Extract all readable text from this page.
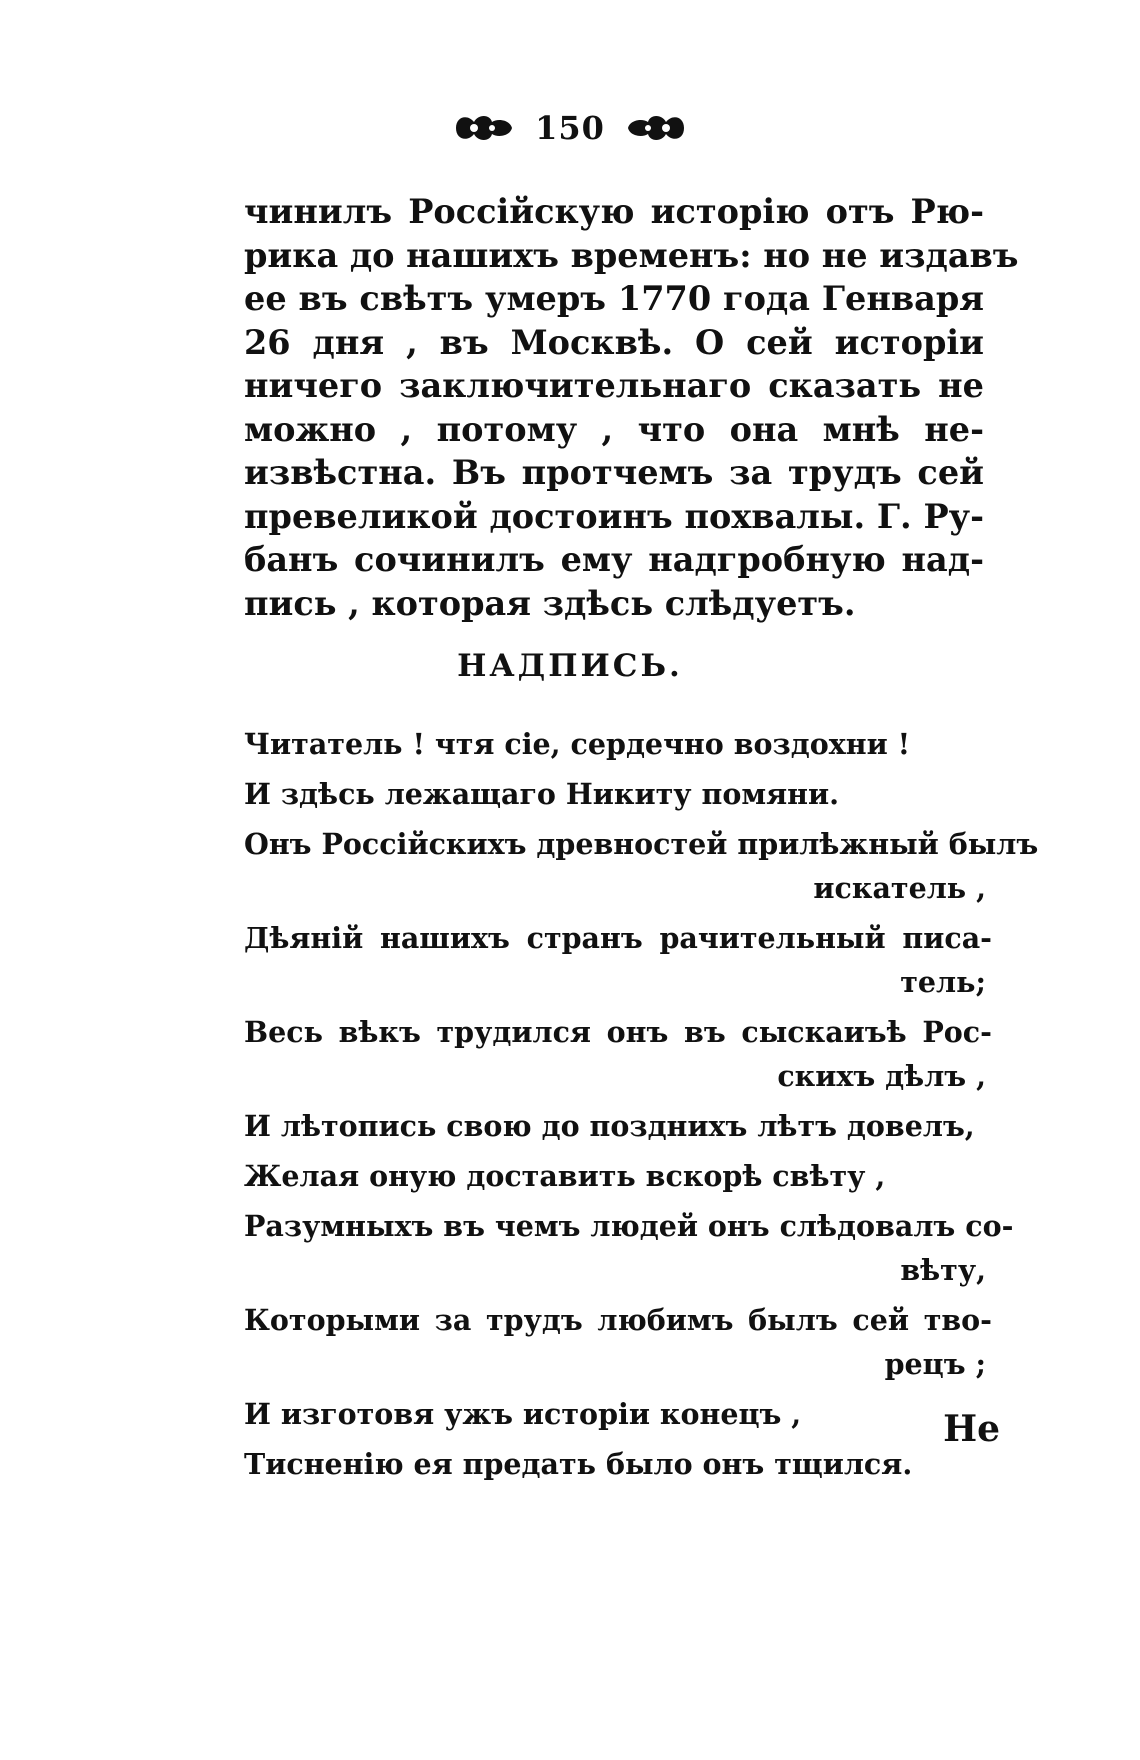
150
чинилъ Россійскую исторію отъ Рю-
рика до нашихъ временъ: но не издавъ
ее въ свѣтъ умеръ 1770 года Генваря
26 дня , въ Москвѣ. О сей исторіи
ничего заключительнаго сказать не
можно , потому , что она мнѣ не-
извѣстна. Въ протчемъ за трудъ сей
превеликой достоинъ похвалы. Г. Ру-
банъ сочинилъ ему надгробную над-
пись , которая здѣсь слѣдуетъ.
НАДПИСЬ.
Читатель ! чтя сіе, сердечно воздохни !
И здѣсь лежащаго Никиту помяни.
Онъ Россійскихъ древностей прилѣжный былъ
искатель ,
Дѣяній нашихъ странъ рачительный писа-
тель;
Весь вѣкъ трудился онъ въ сыскаиъѣ Рос-
скихъ дѣлъ ,
И лѣтопись свою до позднихъ лѣтъ довелъ,
Желая оную доставить вскорѣ свѣту ,
Разумныхъ въ чемъ людей онъ слѣдовалъ со-
вѣту,
Которыми за трудъ любимъ былъ сей тво-
рецъ ;
И изготовя ужъ исторіи конецъ ,
Тисненію ея предать было онъ тщился.
Не
